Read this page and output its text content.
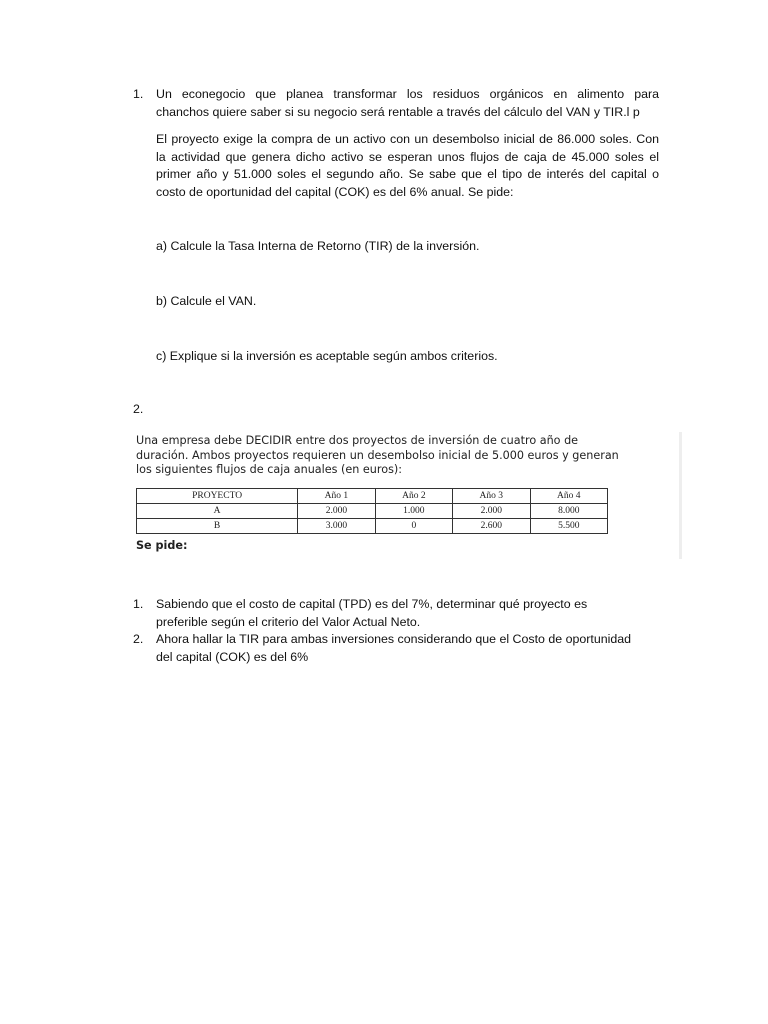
1.	Un econegocio que planea transformar los residuos orgánicos en alimento para
chanchos quiere saber si su negocio será rentable a través del cálculo del VAN y TIR.l p
El proyecto exige la compra de un activo con un desembolso inicial de 86.000 soles. Con
la actividad que genera dicho activo se esperan unos flujos de caja de 45.000 soles el
primer año y 51.000 soles el segundo año. Se sabe que el tipo de interés del capital o
costo de oportunidad del capital (COK) es del 6% anual. Se pide:
a) Calcule la Tasa Interna de Retorno (TIR) de la inversión.
b) Calcule el VAN.
c) Explique si la inversión es aceptable según ambos criterios.
2.
Una empresa debe DECIDIR entre dos proyectos de inversión de cuatro año de
duración. Ambos proyectos requieren un desembolso inicial de 5.000 euros y generan
los siguientes flujos de caja anuales (en euros):
PROYECTO	Año 1	Año 2	Año 3	Año 4
A	2.000	1.000	2.000	8.000
B	3.000	0	2.600	5.500
Se pide:
1.	Sabiendo que el costo de capital (TPD) es del 7%, determinar qué proyecto es
preferible según el criterio del Valor Actual Neto.
2.	Ahora hallar la TIR para ambas inversiones considerando que el Costo de oportunidad
del capital (COK) es del 6%
